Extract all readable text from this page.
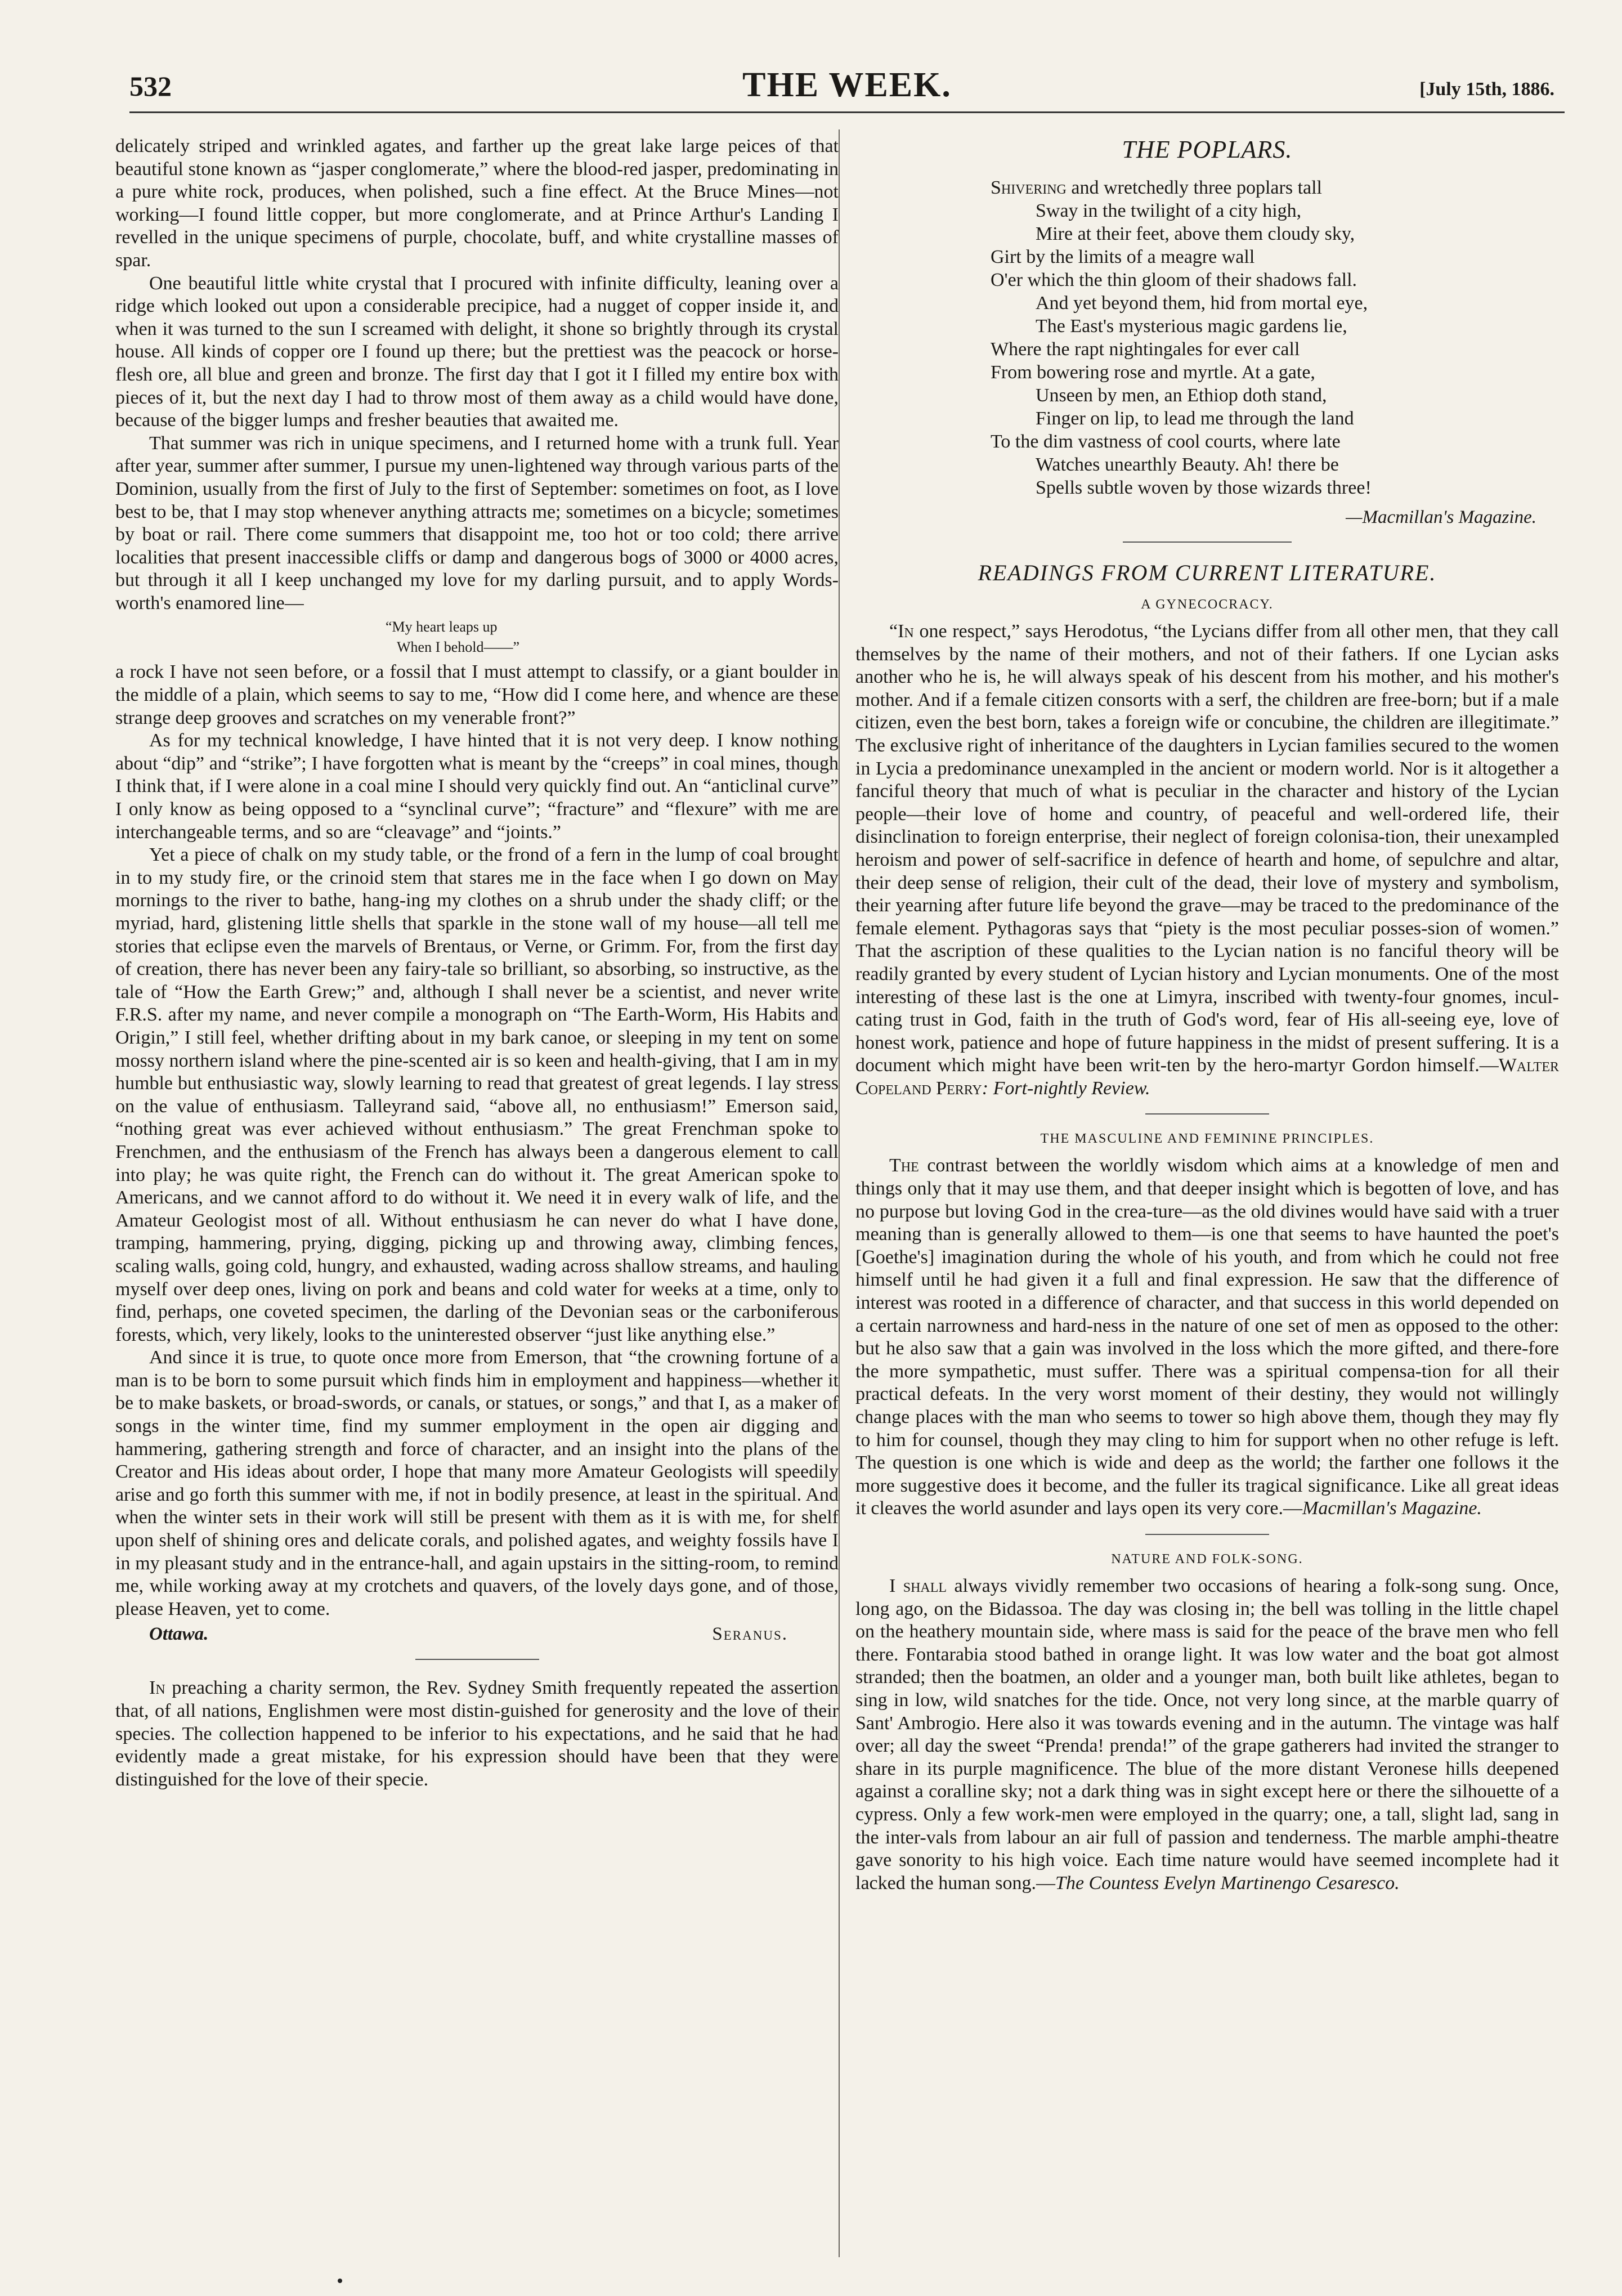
532	THE WEEK.	[July 15th, 1886.

delicately striped and wrinkled agates, and farther up the great lake large peices of that beautiful stone known as “jasper conglomerate,” where the blood-red jasper, predominating in a pure white rock, produces, when polished, such a fine effect. At the Bruce Mines—not working—I found little copper, but more conglomerate, and at Prince Arthur's Landing I revelled in the unique specimens of purple, chocolate, buff, and white crystalline masses of spar.

One beautiful little white crystal that I procured with infinite difficulty, leaning over a ridge which looked out upon a considerable precipice, had a nugget of copper inside it, and when it was turned to the sun I screamed with delight, it shone so brightly through its crystal house. All kinds of copper ore I found up there; but the prettiest was the peacock or horse-flesh ore, all blue and green and bronze. The first day that I got it I filled my entire box with pieces of it, but the next day I had to throw most of them away as a child would have done, because of the bigger lumps and fresher beauties that awaited me.

That summer was rich in unique specimens, and I returned home with a trunk full. Year after year, summer after summer, I pursue my unen-lightened way through various parts of the Dominion, usually from the first of July to the first of September: sometimes on foot, as I love best to be, that I may stop whenever anything attracts me; sometimes on a bicycle; sometimes by boat or rail. There come summers that disappoint me, too hot or too cold; there arrive localities that present inaccessible cliffs or damp and dangerous bogs of 3000 or 4000 acres, but through it all I keep unchanged my love for my darling pursuit, and to apply Words-worth's enamored line—

“My heart leaps up
When I behold——”

a rock I have not seen before, or a fossil that I must attempt to classify, or a giant boulder in the middle of a plain, which seems to say to me, “How did I come here, and whence are these strange deep grooves and scratches on my venerable front?”

As for my technical knowledge, I have hinted that it is not very deep. I know nothing about “dip” and “strike”; I have forgotten what is meant by the “creeps” in coal mines, though I think that, if I were alone in a coal mine I should very quickly find out. An “anticlinal curve” I only know as being opposed to a “synclinal curve”; “fracture” and “flexure” with me are interchangeable terms, and so are “cleavage” and “joints.”

Yet a piece of chalk on my study table, or the frond of a fern in the lump of coal brought in to my study fire, or the crinoid stem that stares me in the face when I go down on May mornings to the river to bathe, hang-ing my clothes on a shrub under the shady cliff; or the myriad, hard, glistening little shells that sparkle in the stone wall of my house—all tell me stories that eclipse even the marvels of Brentaus, or Verne, or Grimm. For, from the first day of creation, there has never been any fairy-tale so brilliant, so absorbing, so instructive, as the tale of “How the Earth Grew;” and, although I shall never be a scientist, and never write F.R.S. after my name, and never compile a monograph on “The Earth-Worm, His Habits and Origin,” I still feel, whether drifting about in my bark canoe, or sleeping in my tent on some mossy northern island where the pine-scented air is so keen and health-giving, that I am in my humble but enthusiastic way, slowly learning to read that greatest of great legends. I lay stress on the value of enthusiasm. Talleyrand said, “above all, no enthusiasm!” Emerson said, “nothing great was ever achieved without enthusiasm.” The great Frenchman spoke to Frenchmen, and the enthusiasm of the French has always been a dangerous element to call into play; he was quite right, the French can do without it. The great American spoke to Americans, and we cannot afford to do without it. We need it in every walk of life, and the Amateur Geologist most of all. Without enthusiasm he can never do what I have done, tramping, hammering, prying, digging, picking up and throwing away, climbing fences, scaling walls, going cold, hungry, and exhausted, wading across shallow streams, and hauling myself over deep ones, living on pork and beans and cold water for weeks at a time, only to find, perhaps, one coveted specimen, the darling of the Devonian seas or the carboniferous forests, which, very likely, looks to the uninterested observer “just like anything else.”

And since it is true, to quote once more from Emerson, that “the crowning fortune of a man is to be born to some pursuit which finds him in employment and happiness—whether it be to make baskets, or broad-swords, or canals, or statues, or songs,” and that I, as a maker of songs in the winter time, find my summer employment in the open air digging and hammering, gathering strength and force of character, and an insight into the plans of the Creator and His ideas about order, I hope that many more Amateur Geologists will speedily arise and go forth this summer with me, if not in bodily presence, at least in the spiritual. And when the winter sets in their work will still be present with them as it is with me, for shelf upon shelf of shining ores and delicate corals, and polished agates, and weighty fossils have I in my pleasant study and in the entrance-hall, and again upstairs in the sitting-room, to remind me, while working away at my crotchets and quavers, of the lovely days gone, and of those, please Heaven, yet to come.

Ottawa.	Seranus.

In preaching a charity sermon, the Rev. Sydney Smith frequently repeated the assertion that, of all nations, Englishmen were most distin-guished for generosity and the love of their species. The collection happened to be inferior to his expectations, and he said that he had evidently made a great mistake, for his expression should have been that they were distinguished for the love of their specie.

THE POPLARS.
Shivering and wretchedly three poplars tall
Sway in the twilight of a city high,
Mire at their feet, above them cloudy sky,
Girt by the limits of a meagre wall
O'er which the thin gloom of their shadows fall.
And yet beyond them, hid from mortal eye,
The East's mysterious magic gardens lie,
Where the rapt nightingales for ever call
From bowering rose and myrtle. At a gate,
Unseen by men, an Ethiop doth stand,
Finger on lip, to lead me through the land
To the dim vastness of cool courts, where late
Watches unearthly Beauty. Ah! there be
Spells subtle woven by those wizards three!
—Macmillan's Magazine.
READINGS FROM CURRENT LITERATURE.
A GYNECOCRACY.

“In one respect,” says Herodotus, “the Lycians differ from all other men, that they call themselves by the name of their mothers, and not of their fathers. If one Lycian asks another who he is, he will always speak of his descent from his mother, and his mother's mother. And if a female citizen consorts with a serf, the children are free-born; but if a male citizen, even the best born, takes a foreign wife or concubine, the children are illegitimate.” The exclusive right of inheritance of the daughters in Lycian families secured to the women in Lycia a predominance unexampled in the ancient or modern world. Nor is it altogether a fanciful theory that much of what is peculiar in the character and history of the Lycian people—their love of home and country, of peaceful and well-ordered life, their disinclination to foreign enterprise, their neglect of foreign colonisa-tion, their unexampled heroism and power of self-sacrifice in defence of hearth and home, of sepulchre and altar, their deep sense of religion, their cult of the dead, their love of mystery and symbolism, their yearning after future life beyond the grave—may be traced to the predominance of the female element. Pythagoras says that “piety is the most peculiar posses-sion of women.” That the ascription of these qualities to the Lycian nation is no fanciful theory will be readily granted by every student of Lycian history and Lycian monuments. One of the most interesting of these last is the one at Limyra, inscribed with twenty-four gnomes, incul-cating trust in God, faith in the truth of God's word, fear of His all-seeing eye, love of honest work, patience and hope of future happiness in the midst of present suffering. It is a document which might have been writ-ten by the hero-martyr Gordon himself.—Walter Copeland Perry: Fort-nightly Review.

THE MASCULINE AND FEMININE PRINCIPLES.

The contrast between the worldly wisdom which aims at a knowledge of men and things only that it may use them, and that deeper insight which is begotten of love, and has no purpose but loving God in the crea-ture—as the old divines would have said with a truer meaning than is generally allowed to them—is one that seems to have haunted the poet's [Goethe's] imagination during the whole of his youth, and from which he could not free himself until he had given it a full and final expression. He saw that the difference of interest was rooted in a difference of character, and that success in this world depended on a certain narrowness and hard-ness in the nature of one set of men as opposed to the other: but he also saw that a gain was involved in the loss which the more gifted, and there-fore the more sympathetic, must suffer. There was a spiritual compensa-tion for all their practical defeats. In the very worst moment of their destiny, they would not willingly change places with the man who seems to tower so high above them, though they may fly to him for counsel, though they may cling to him for support when no other refuge is left. The question is one which is wide and deep as the world; the farther one follows it the more suggestive does it become, and the fuller its tragical significance. Like all great ideas it cleaves the world asunder and lays open its very core.—Macmillan's Magazine.

NATURE AND FOLK-SONG.

I shall always vividly remember two occasions of hearing a folk-song sung. Once, long ago, on the Bidassoa. The day was closing in; the bell was tolling in the little chapel on the heathery mountain side, where mass is said for the peace of the brave men who fell there. Fontarabia stood bathed in orange light. It was low water and the boat got almost stranded; then the boatmen, an older and a younger man, both built like athletes, began to sing in low, wild snatches for the tide. Once, not very long since, at the marble quarry of Sant' Ambrogio. Here also it was towards evening and in the autumn. The vintage was half over; all day the sweet “Prenda! prenda!” of the grape gatherers had invited the stranger to share in its purple magnificence. The blue of the more distant Veronese hills deepened against a coralline sky; not a dark thing was in sight except here or there the silhouette of a cypress. Only a few work-men were employed in the quarry; one, a tall, slight lad, sang in the inter-vals from labour an air full of passion and tenderness. The marble amphi-theatre gave sonority to his high voice. Each time nature would have seemed incomplete had it lacked the human song.—The Countess Evelyn Martinengo Cesaresco.
